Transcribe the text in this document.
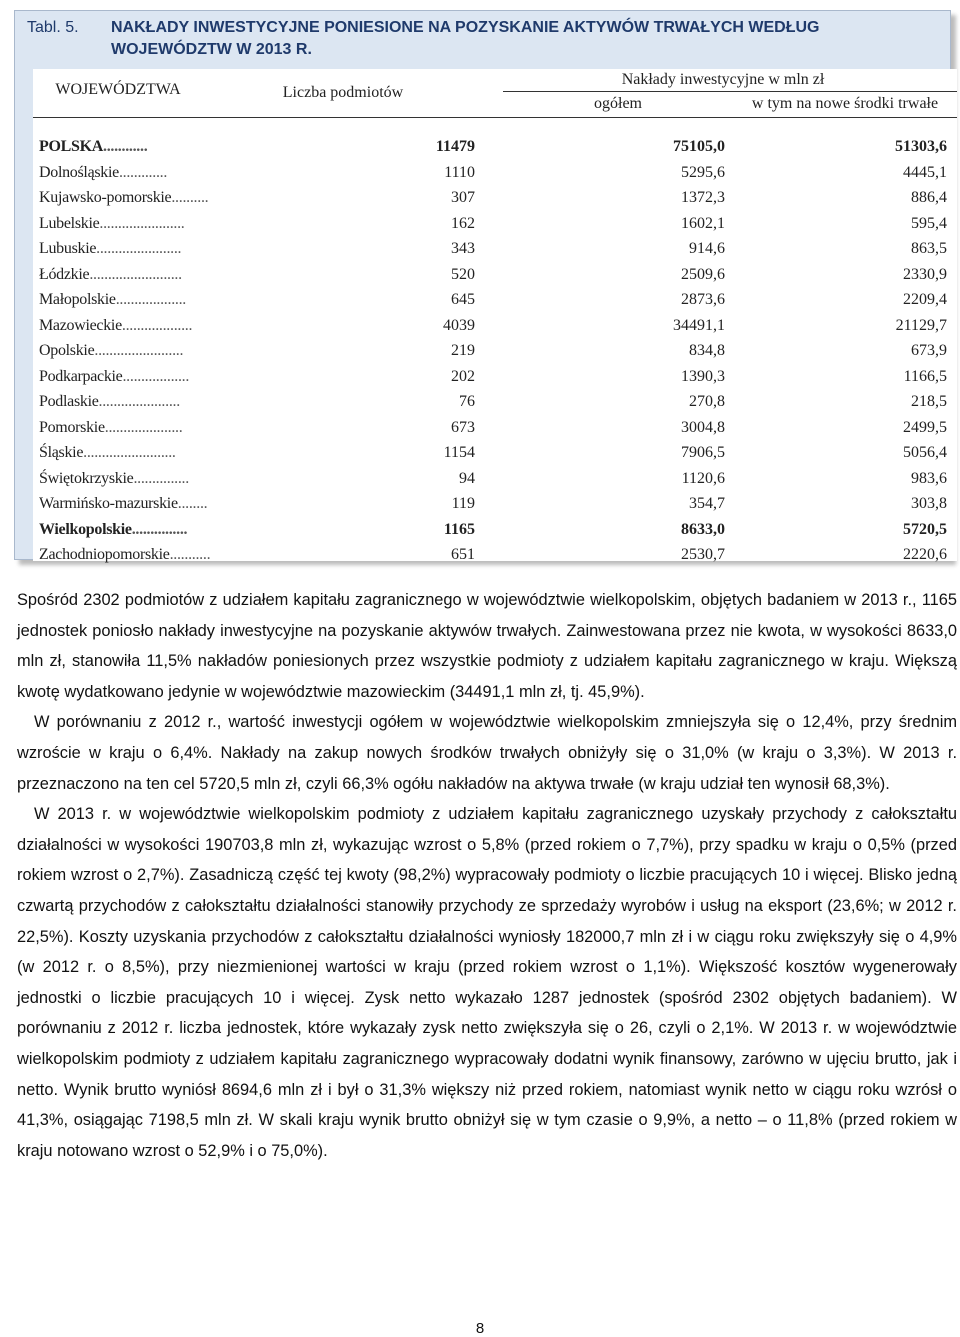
Tabl. 5. NAKŁADY INWESTYCYJNE PONIESIONE NA POZYSKANIE AKTYWÓW TRWAŁYCH WEDŁUG
WOJEWÓDZTW W 2013 R.
WOJEWÓDZTWA	Liczba podmiotów
Nakłady inwestycyjne w mln zł
ogółem	w tym na nowe środki trwałe
POLSKA............	11479	75105,0	51303,6
Dolnośląskie.............	1110	5295,6	4445,1
Kujawsko-pomorskie..........	307	1372,3	886,4
Lubelskie.......................	162	1602,1	595,4
Lubuskie.......................	343	914,6	863,5
Łódzkie.........................	520	2509,6	2330,9
Małopolskie...................	645	2873,6	2209,4
Mazowieckie...................	4039	34491,1	21129,7
Opolskie........................	219	834,8	673,9
Podkarpackie..................	202	1390,3	1166,5
Podlaskie......................	76	270,8	218,5
Pomorskie.....................	673	3004,8	2499,5
Śląskie.........................	1154	7906,5	5056,4
Świętokrzyskie...............	94	1120,6	983,6
Warmińsko-mazurskie........	119	354,7	303,8
Wielkopolskie...............	1165	8633,0	5720,5
Zachodniopomorskie...........	651	2530,7	2220,6

Spośród 2302 podmiotów z udziałem kapitału zagranicznego w województwie wielkopolskim, objętych badaniem w 2013 r., 1165 jednostek poniosło nakłady inwestycyjne na pozyskanie aktywów trwałych. Zainwestowana przez nie kwota, w wysokości 8633,0 mln zł, stanowiła 11,5% nakładów poniesionych przez wszystkie podmioty z udziałem kapitału zagranicznego w kraju. Większą kwotę wydatkowano jedynie w województwie mazowieckim (34491,1 mln zł, tj. 45,9%).

W porównaniu z 2012 r., wartość inwestycji ogółem w województwie wielkopolskim zmniejszyła się o 12,4%, przy średnim wzroście w kraju o 6,4%. Nakłady na zakup nowych środków trwałych obniżyły się o 31,0% (w kraju o 3,3%). W 2013 r. przeznaczono na ten cel 5720,5 mln zł, czyli 66,3% ogółu nakładów na aktywa trwałe (w kraju udział ten wynosił 68,3%).

W 2013 r. w województwie wielkopolskim podmioty z udziałem kapitału zagranicznego uzyskały przychody z całokształtu działalności w wysokości 190703,8 mln zł, wykazując wzrost o 5,8% (przed rokiem o 7,7%), przy spadku w kraju o 0,5% (przed rokiem wzrost o 2,7%). Zasadniczą część tej kwoty (98,2%) wypracowały podmioty o liczbie pracujących 10 i więcej. Blisko jedną czwartą przychodów z całokształtu działalności stanowiły przychody ze sprzedaży wyrobów i usług na eksport (23,6%; w 2012 r. 22,5%). Koszty uzyskania przychodów z całokształtu działalności wyniosły 182000,7 mln zł i w ciągu roku zwiększyły się o 4,9% (w 2012 r. o 8,5%), przy niezmienionej wartości w kraju (przed rokiem wzrost o 1,1%). Większość kosztów wygenerowały jednostki o liczbie pracujących 10 i więcej. Zysk netto wykazało 1287 jednostek (spośród 2302 objętych badaniem). W porównaniu z 2012 r. liczba jednostek, które wykazały zysk netto zwiększyła się o 26, czyli o 2,1%. W 2013 r. w województwie wielkopolskim podmioty z udziałem kapitału zagranicznego wypracowały dodatni wynik finansowy, zarówno w ujęciu brutto, jak i netto. Wynik brutto wyniósł 8694,6 mln zł i był o 31,3% większy niż przed rokiem, natomiast wynik netto w ciągu roku wzrósł o 41,3%, osiągając 7198,5 mln zł. W skali kraju wynik brutto obniżył się w tym czasie o 9,9%, a netto – o 11,8% (przed rokiem w kraju notowano wzrost o 52,9% i o 75,0%).

8
